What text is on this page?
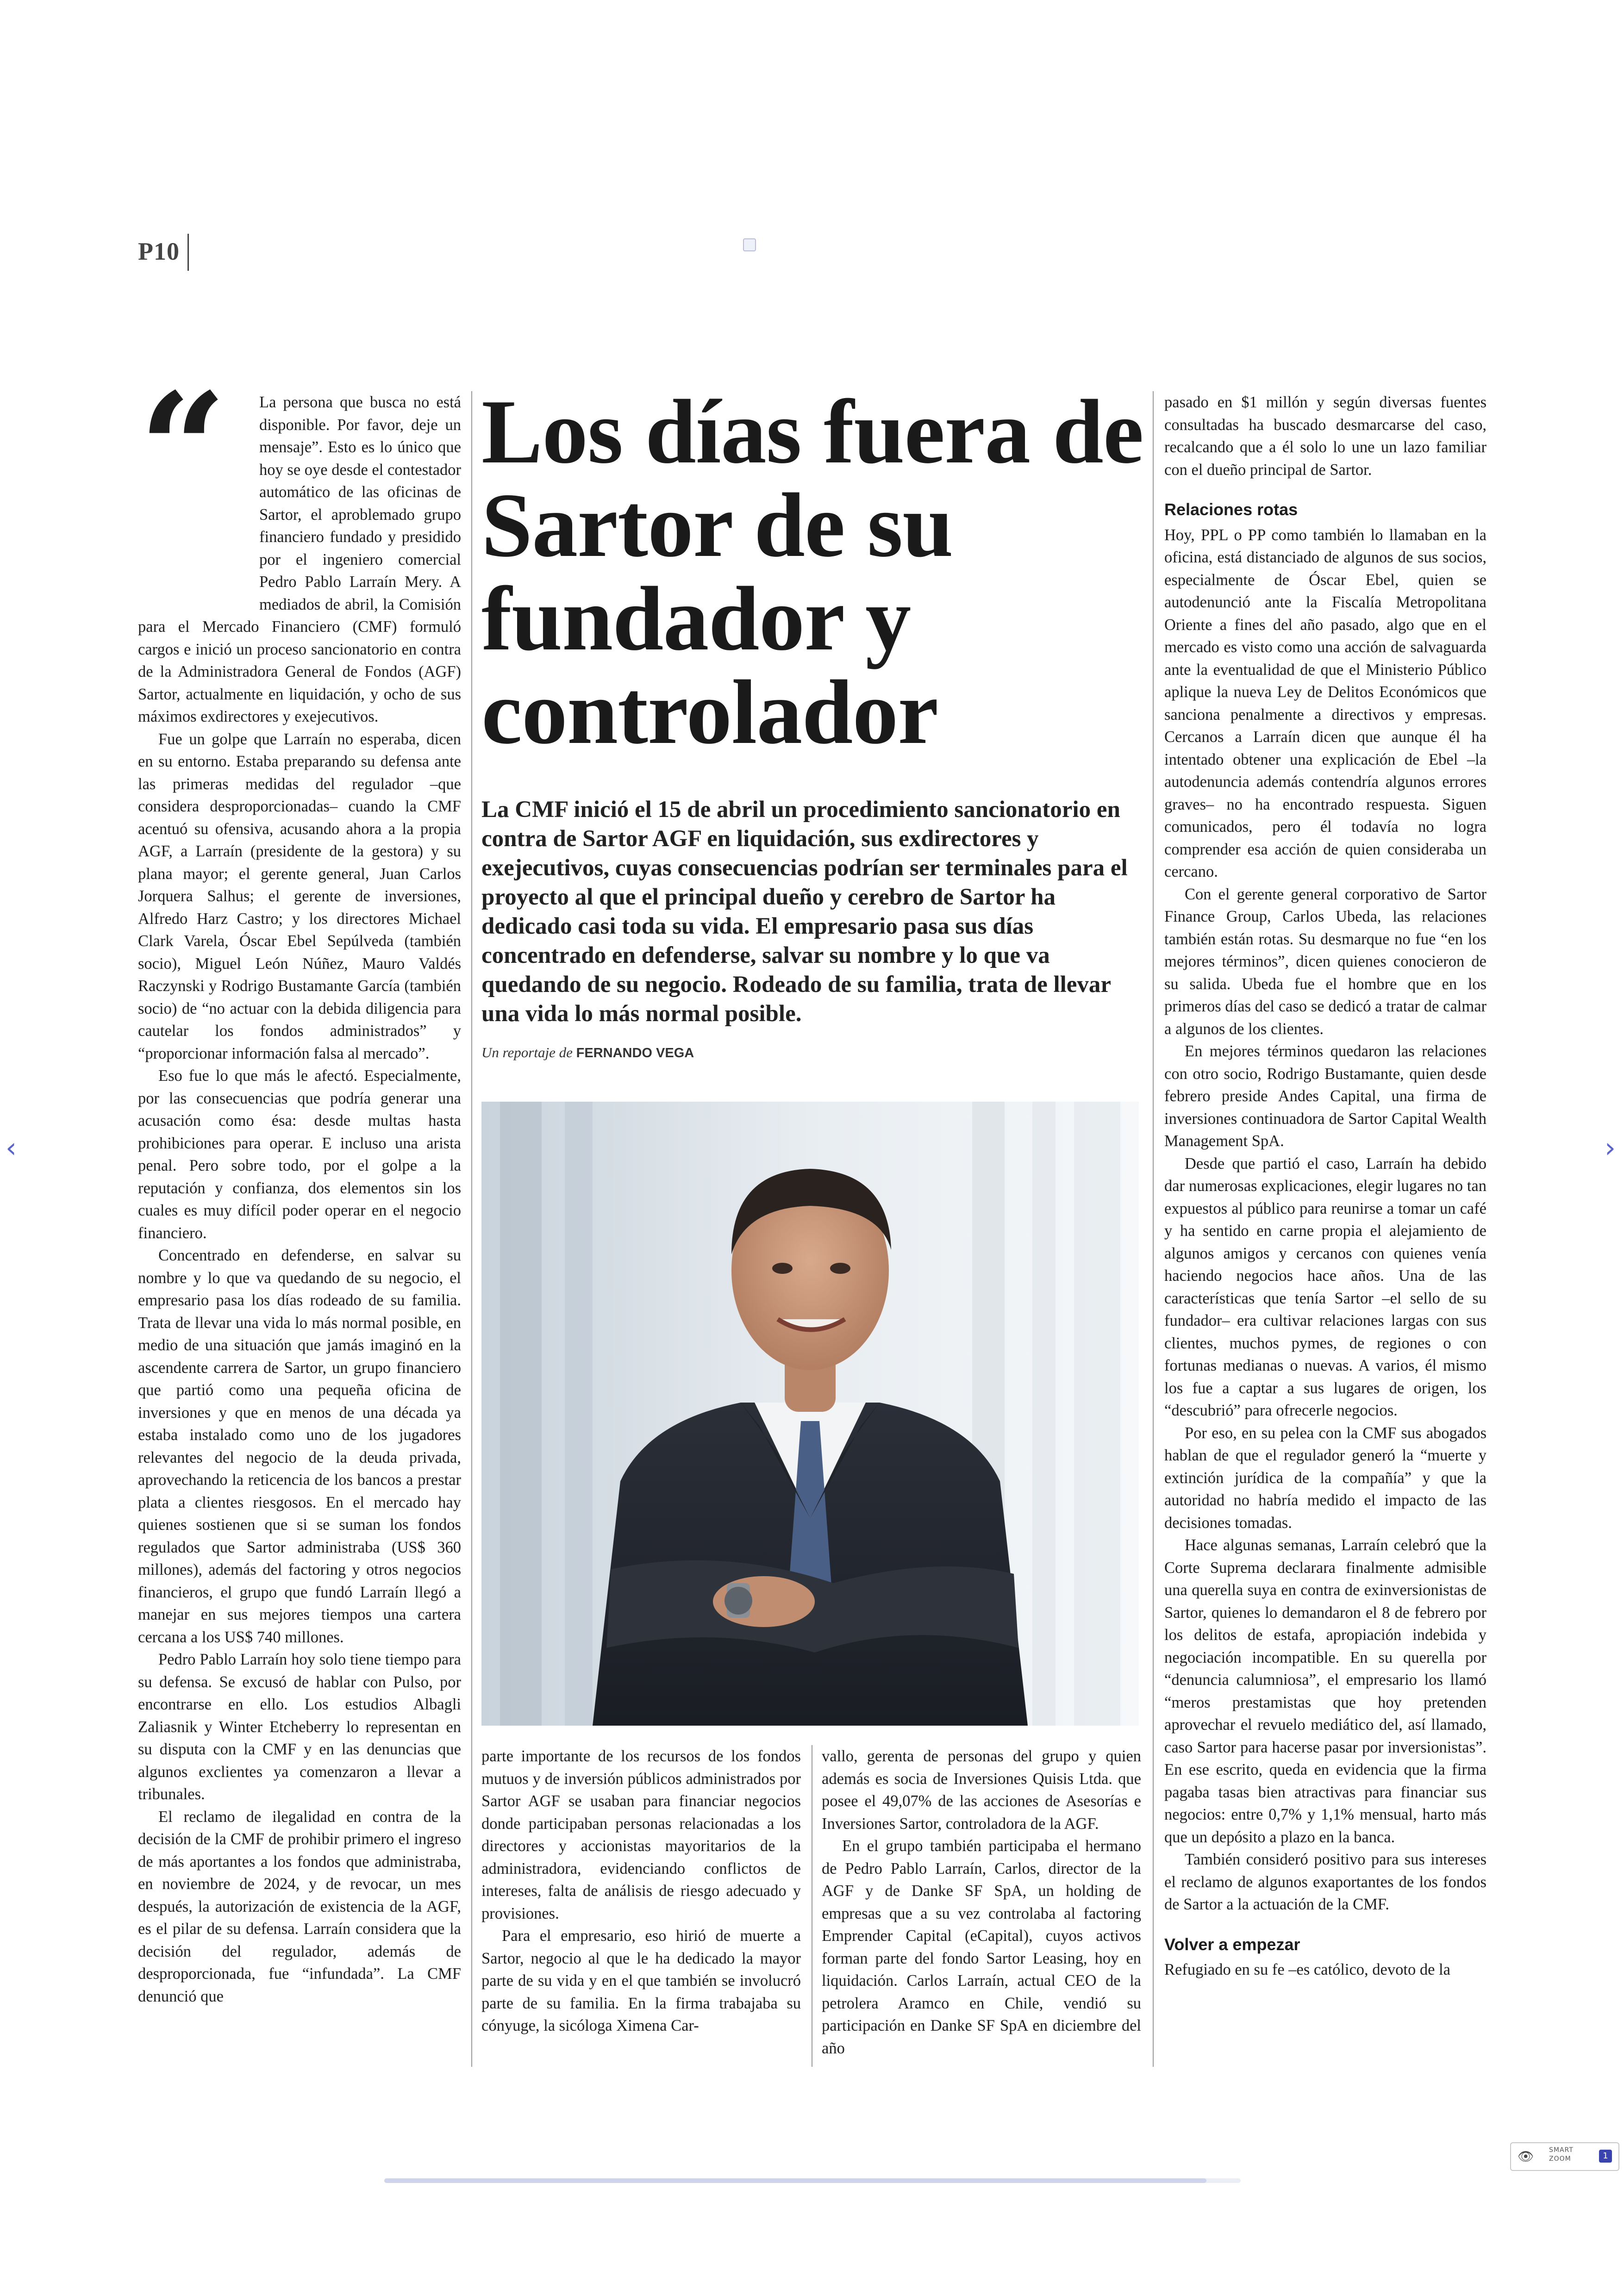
P10
“	La persona que busca no está disponible. Por favor, deje un mensaje”. Esto es lo único que hoy se oye desde el contestador automático de las oficinas de Sartor, el aproblemado grupo financiero fundado y presidido por el ingeniero comercial Pedro Pablo Larraín Mery. A mediados de abril, la Comisión para el Mercado Financiero (CMF) formuló cargos e inició un proceso sancionatorio en contra de la Administradora General de Fondos (AGF) Sartor, actualmente en liquidación, y ocho de sus máximos exdirectores y exejecutivos.

Fue un golpe que Larraín no esperaba, dicen en su entorno. Estaba preparando su defensa ante las primeras medidas del regulador –que considera desproporcionadas– cuando la CMF acentuó su ofensiva, acusando ahora a la propia AGF, a Larraín (presidente de la gestora) y su plana mayor; el gerente general, Juan Carlos Jorquera Salhus; el gerente de inversiones, Alfredo Harz Castro; y los directores Michael Clark Varela, Óscar Ebel Sepúlveda (también socio), Miguel León Núñez, Mauro Valdés Raczynski y Rodrigo Bustamante García (también socio) de “no actuar con la debida diligencia para cautelar los fondos administrados” y “proporcionar información falsa al mercado”.

Eso fue lo que más le afectó. Especialmente, por las consecuencias que podría generar una acusación como ésa: desde multas hasta prohibiciones para operar. E incluso una arista penal. Pero sobre todo, por el golpe a la reputación y confianza, dos elementos sin los cuales es muy difícil poder operar en el negocio financiero.

Concentrado en defenderse, en salvar su nombre y lo que va quedando de su negocio, el empresario pasa los días rodeado de su familia. Trata de llevar una vida lo más normal posible, en medio de una situación que jamás imaginó en la ascendente carrera de Sartor, un grupo financiero que partió como una pequeña oficina de inversiones y que en menos de una década ya estaba instalado como uno de los jugadores relevantes del negocio de la deuda privada, aprovechando la reticencia de los bancos a prestar plata a clientes riesgosos. En el mercado hay quienes sostienen que si se suman los fondos regulados que Sartor administraba (US$ 360 millones), además del factoring y otros negocios financieros, el grupo que fundó Larraín llegó a manejar en sus mejores tiempos una cartera cercana a los US$ 740 millones.

Pedro Pablo Larraín hoy solo tiene tiempo para su defensa. Se excusó de hablar con Pulso, por encontrarse en ello. Los estudios Albagli Zaliasnik y Winter Etcheberry lo representan en su disputa con la CMF y en las denuncias que algunos exclientes ya comenzaron a llevar a tribunales.

El reclamo de ilegalidad en contra de la decisión de la CMF de prohibir primero el ingreso de más aportantes a los fondos que administraba, en noviembre de 2024, y de revocar, un mes después, la autorización de existencia de la AGF, es el pilar de su defensa. Larraín considera que la decisión del regulador, además de desproporcionada, fue “infundada”. La CMF denunció que

Los días fuera de Sartor de su fundador y controlador
La CMF inició el 15 de abril un procedimiento sancionatorio en contra de Sartor AGF en liquidación, sus exdirectores y exejecutivos, cuyas consecuencias podrían ser terminales para el proyecto al que el principal dueño y cerebro de Sartor ha dedicado casi toda su vida. El empresario pasa sus días concentrado en defenderse, salvar su nombre y lo que va quedando de su negocio. Rodeado de su familia, trata de llevar una vida lo más normal posible.
Un reportaje de FERNANDO VEGA

parte importante de los recursos de los fondos mutuos y de inversión públicos administrados por Sartor AGF se usaban para financiar negocios donde participaban personas relacionadas a los directores y accionistas mayoritarios de la administradora, evidenciando conflictos de intereses, falta de análisis de riesgo adecuado y provisiones.

Para el empresario, eso hirió de muerte a Sartor, negocio al que le ha dedicado la mayor parte de su vida y en el que también se involucró parte de su familia. En la firma trabajaba su cónyuge, la sicóloga Ximena Car-

vallo, gerenta de personas del grupo y quien además es socia de Inversiones Quisis Ltda. que posee el 49,07% de las acciones de Asesorías e Inversiones Sartor, controladora de la AGF.

En el grupo también participaba el hermano de Pedro Pablo Larraín, Carlos, director de la AGF y de Danke SF SpA, un holding de empresas que a su vez controlaba al factoring Emprender Capital (eCapital), cuyos activos forman parte del fondo Sartor Leasing, hoy en liquidación. Carlos Larraín, actual CEO de la petrolera Aramco en Chile, vendió su participación en Danke SF SpA en diciembre del año

pasado en $1 millón y según diversas fuentes consultadas ha buscado desmarcarse del caso, recalcando que a él solo lo une un lazo familiar con el dueño principal de Sartor.

Relaciones rotas

Hoy, PPL o PP como también lo llamaban en la oficina, está distanciado de algunos de sus socios, especialmente de Óscar Ebel, quien se autodenunció ante la Fiscalía Metropolitana Oriente a fines del año pasado, algo que en el mercado es visto como una acción de salvaguarda ante la eventualidad de que el Ministerio Público aplique la nueva Ley de Delitos Económicos que sanciona penalmente a directivos y empresas. Cercanos a Larraín dicen que aunque él ha intentado obtener una explicación de Ebel –la autodenuncia además contendría algunos errores graves– no ha encontrado respuesta. Siguen comunicados, pero él todavía no logra comprender esa acción de quien consideraba un cercano.

Con el gerente general corporativo de Sartor Finance Group, Carlos Ubeda, las relaciones también están rotas. Su desmarque no fue “en los mejores términos”, dicen quienes conocieron de su salida. Ubeda fue el hombre que en los primeros días del caso se dedicó a tratar de calmar a algunos de los clientes.

En mejores términos quedaron las relaciones con otro socio, Rodrigo Bustamante, quien desde febrero preside Andes Capital, una firma de inversiones continuadora de Sartor Capital Wealth Management SpA.

Desde que partió el caso, Larraín ha debido dar numerosas explicaciones, elegir lugares no tan expuestos al público para reunirse a tomar un café y ha sentido en carne propia el alejamiento de algunos amigos y cercanos con quienes venía haciendo negocios hace años. Una de las características que tenía Sartor –el sello de su fundador– era cultivar relaciones largas con sus clientes, muchos pymes, de regiones o con fortunas medianas o nuevas. A varios, él mismo los fue a captar a sus lugares de origen, los “descubrió” para ofrecerle negocios.

Por eso, en su pelea con la CMF sus abogados hablan de que el regulador generó la “muerte y extinción jurídica de la compañía” y que la autoridad no habría medido el impacto de las decisiones tomadas.

Hace algunas semanas, Larraín celebró que la Corte Suprema declarara finalmente admisible una querella suya en contra de exinversionistas de Sartor, quienes lo demandaron el 8 de febrero por los delitos de estafa, apropiación indebida y negociación incompatible. En su querella por “denuncia calumniosa”, el empresario los llamó “meros prestamistas que hoy pretenden aprovechar el revuelo mediático del, así llamado, caso Sartor para hacerse pasar por inversionistas”. En ese escrito, queda en evidencia que la firma pagaba tasas bien atractivas para financiar sus negocios: entre 0,7% y 1,1% mensual, harto más que un depósito a plazo en la banca.

También consideró positivo para sus intereses el reclamo de algunos exaportantes de los fondos de Sartor a la actuación de la CMF.

Volver a empezar

Refugiado en su fe –es católico, devoto de la

‹	›
👁 SMART
ZOOM	1
